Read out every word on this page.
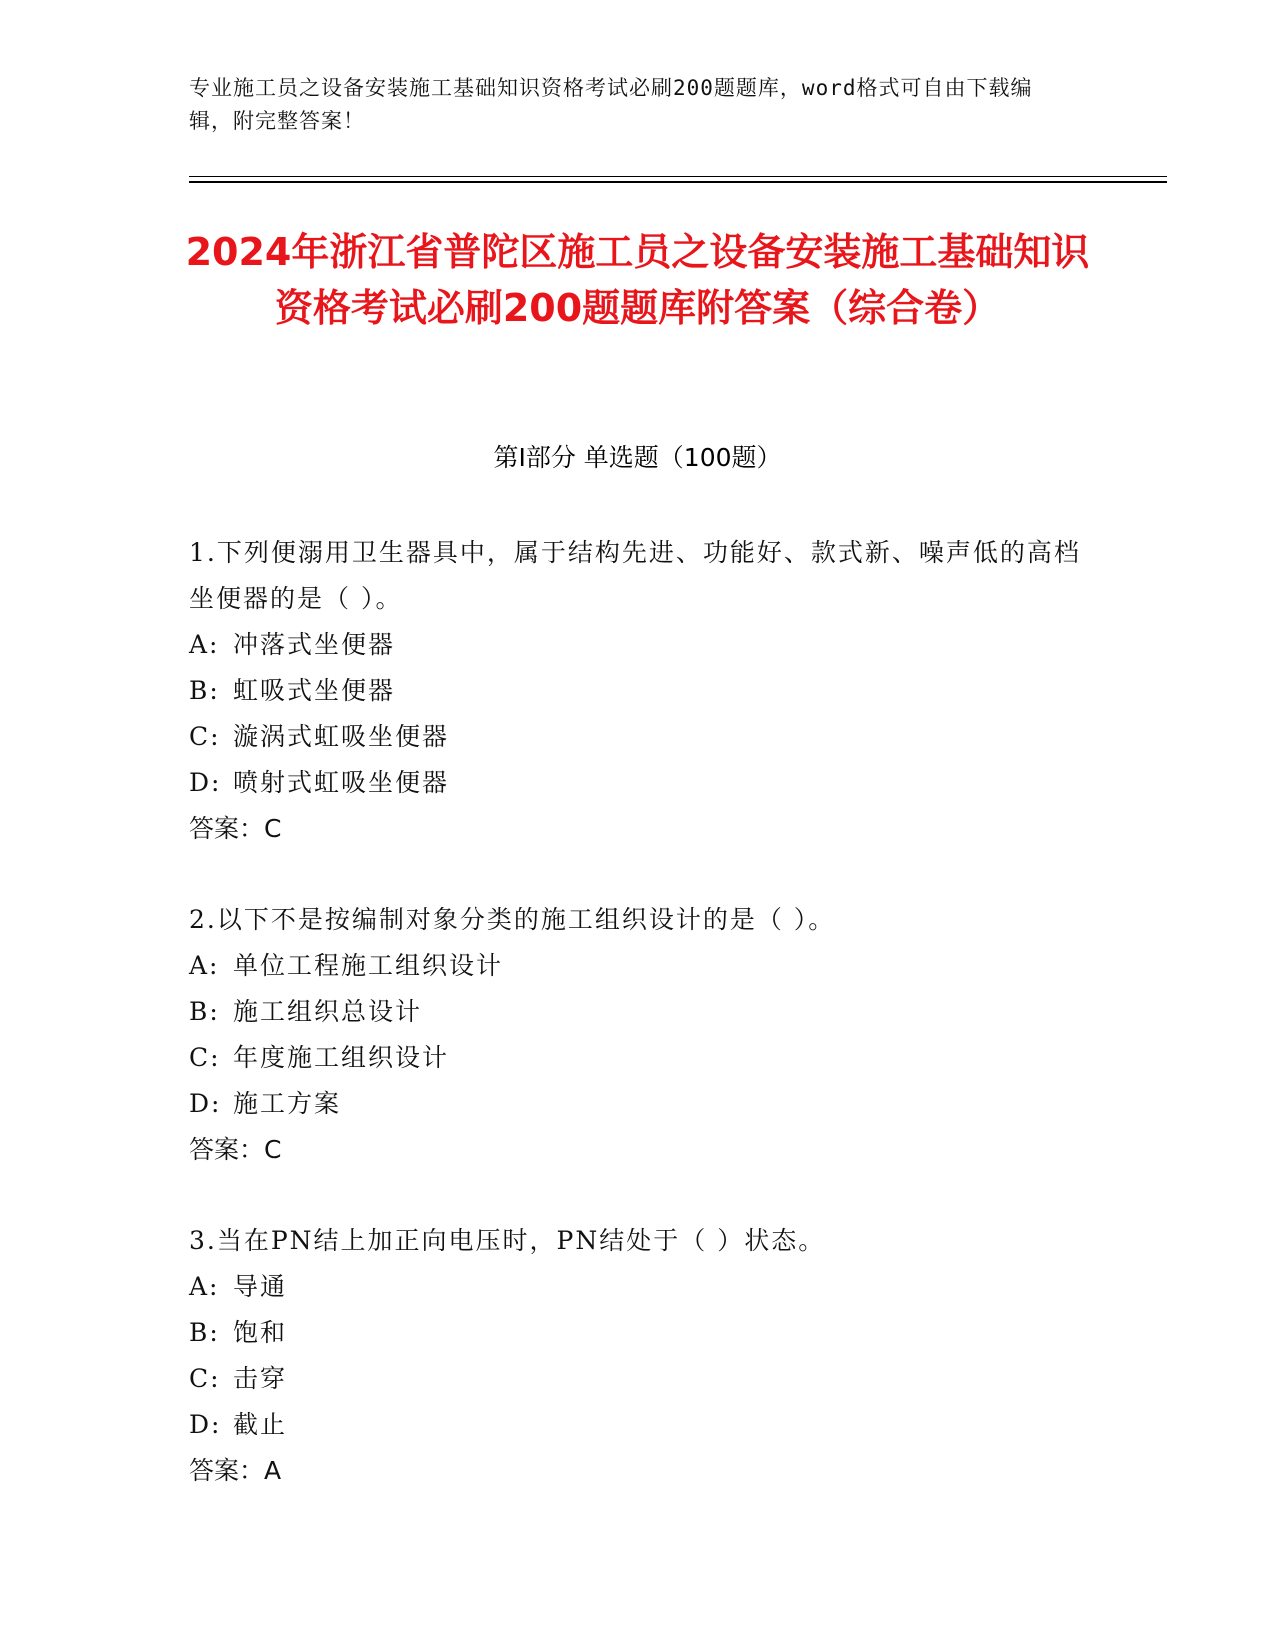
专业施工员之设备安装施工基础知识资格考试必刷200题题库，word格式可自由下载编辑，附完整答案！
2024年浙江省普陀区施工员之设备安装施工基础知识资格考试必刷200题题库附答案（综合卷）
第I部分 单选题（100题）

1.下列便溺用卫生器具中，属于结构先进、功能好、款式新、噪声低的高档坐便器的是（ ）。

A: 冲落式坐便器

B: 虹吸式坐便器

C: 漩涡式虹吸坐便器

D: 喷射式虹吸坐便器

答案：C

2.以下不是按编制对象分类的施工组织设计的是（ ）。

A: 单位工程施工组织设计

B: 施工组织总设计

C: 年度施工组织设计

D: 施工方案

答案：C

3.当在PN结上加正向电压时，PN结处于（ ）状态。

A: 导通

B: 饱和

C: 击穿

D: 截止

答案：A
